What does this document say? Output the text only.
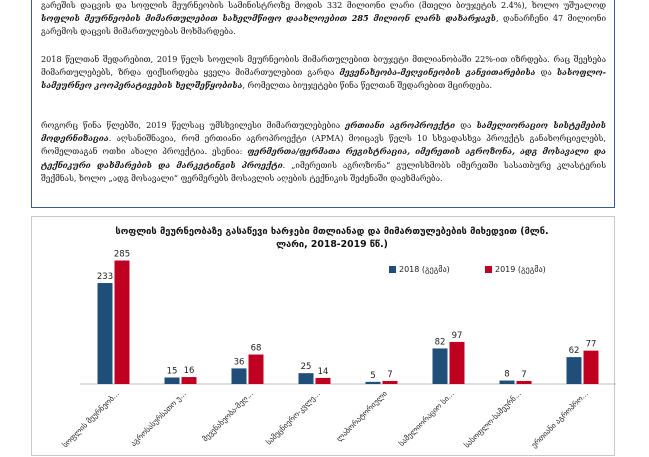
გარეშის დაცვის და სოფლის მეურნეობის სამინისტროზე მოდის 332 მილიონი ლარი (მთელი ბიუჯეტის 2.4%), ხოლო უშუალოდ სოფლის მეურნეობის მიმართულებით სახელმწიფო დაახლოებით 285 მილიონ ლარს დახარჯავს, დანარჩენი 47 მილიონი გარემოს დაცვის მიმართულებას მოხმარდება.

2018 წელთან შედარებით, 2019 წელს სოფლის მეურნეობის მიმართულებით ბიუჯეტი მთლიანობაში 22%-ით იზრდება. რაც შეეხება მიმართულებებს, ზრდა ფიქსირდება ყველა მიმართულებით გარდა მევენახეობა-მეღვინეობის განვითარებისა და სასოფლო-სამეურნეო კოოპერატივების ხელშეწყობისა, რომელთა ბიუჯეტები წინა წელთან შედარებით მცირდება.

როგორც წინა წლებში, 2019 წელსაც უმსხვილესი მიმართულებებია ერთიანი აგროპროექტი და სამელიორაციო სისტემების მოდერნიზაცია. აღსანიშნავია, რომ ერთიანი აგროპროექტი (APMA) მოიცავს წელს 10 სხვადასხვა პროექტს განახორციელებს, რომელთაგან ოთხი ახალი პროექტია. ესენია: ფერმერთა/ფერმათა რეგისტრაცია, იმერეთის აგროზონა, ადგ მოსავალი და ტექნიკური დახმარების და მარკეტინგის პროექტი. „იმერეთის აგროზონა“ გულისხმობს იმერეთში სასათბურე კლასტერის შექმნას, ხოლო „ადგ მოსავალი“ ფერმერებს მოსავლის აღების ტექნიკის შეძენაში დაეხმარება.

სოფლის მეურნეობაზე გასაწევი ხარჯები მთლიანად და მიმართულებების მიხედვით (მლნ. ლარი, 2018-2019 წწ.)
2018 (გეგმა)	2019 (გეგმა)
233
285
სოფლის მეურნეობ...
15 16
აგროსასურსათო უ...
36
68
მევენახეობა-მეღ...
25 14
სამეცნიერო-კვლე...
5 7
ლაბორატორიული
82
97
სამელიორაციო სი...
8 7
სასოფლო-სამეურნ...
62
77
ერთიანი აგროპრო...
